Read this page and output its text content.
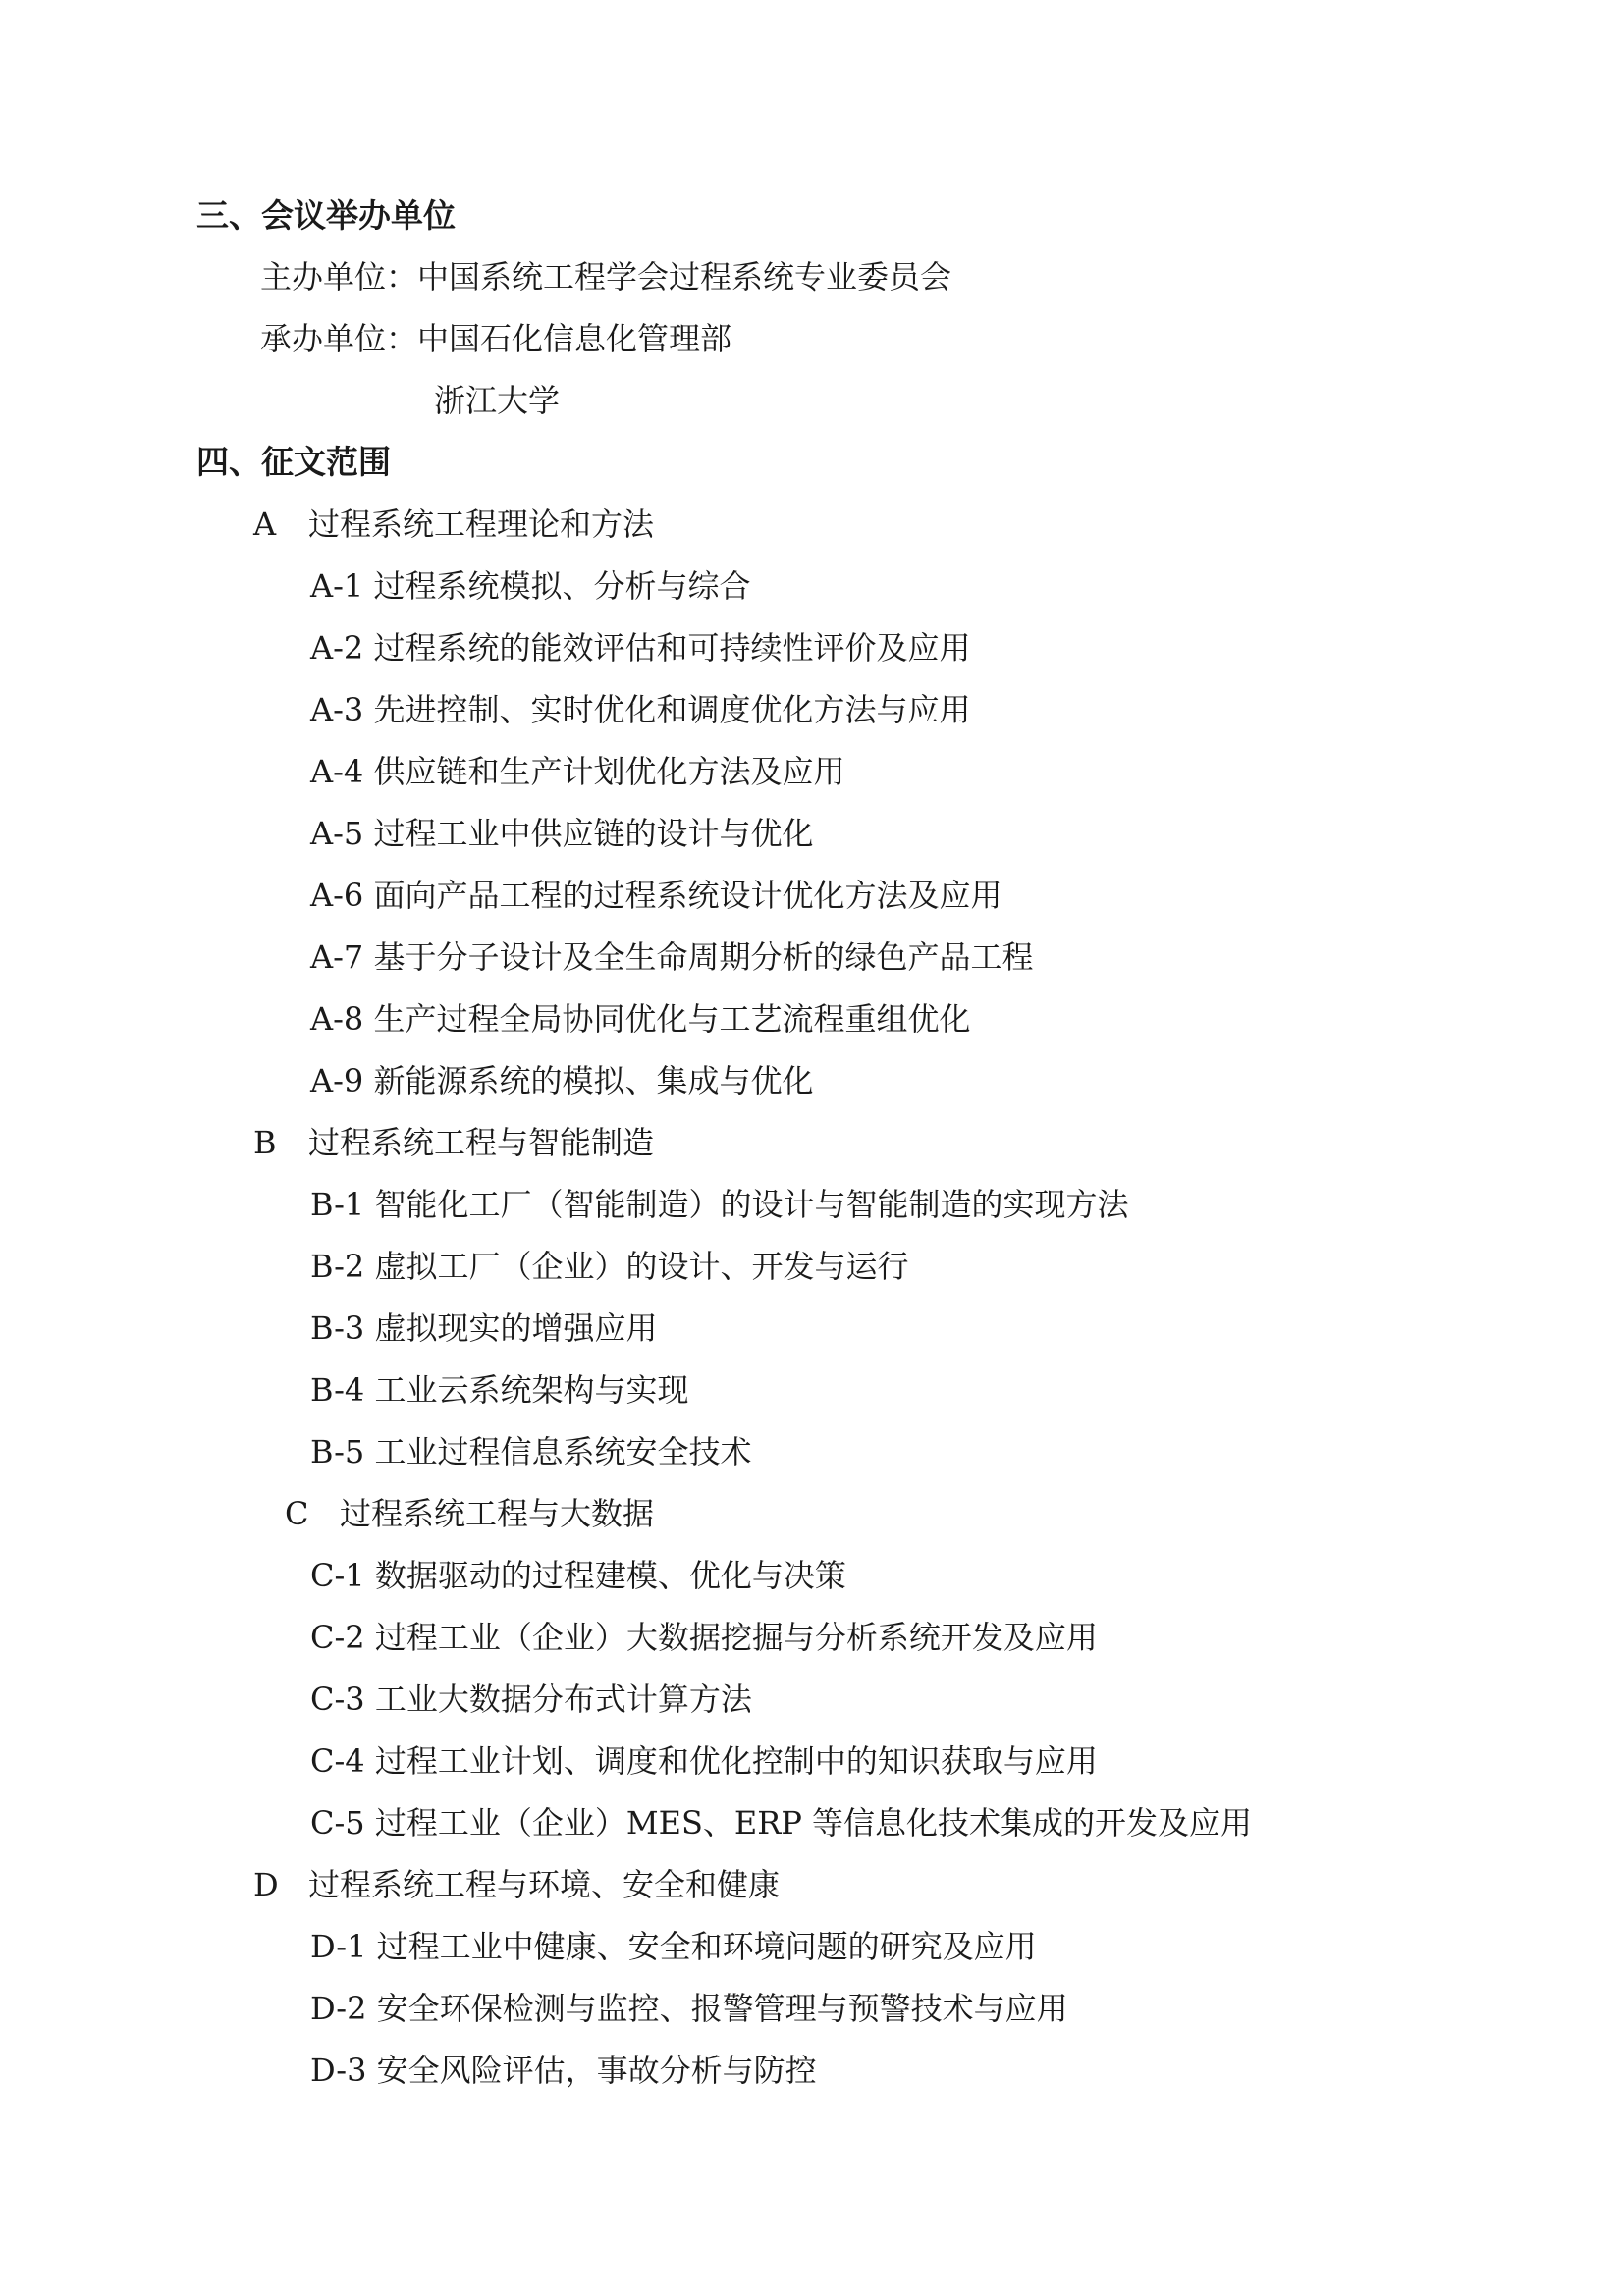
三、会议举办单位
主办单位：中国系统工程学会过程系统专业委员会
承办单位：中国石化信息化管理部
浙江大学
四、征文范围
A 过程系统工程理论和方法
A-1 过程系统模拟、分析与综合
A-2 过程系统的能效评估和可持续性评价及应用
A-3 先进控制、实时优化和调度优化方法与应用
A-4 供应链和生产计划优化方法及应用
A-5 过程工业中供应链的设计与优化
A-6 面向产品工程的过程系统设计优化方法及应用
A-7 基于分子设计及全生命周期分析的绿色产品工程
A-8 生产过程全局协同优化与工艺流程重组优化
A-9 新能源系统的模拟、集成与优化
B 过程系统工程与智能制造
B-1 智能化工厂（智能制造）的设计与智能制造的实现方法
B-2 虚拟工厂（企业）的设计、开发与运行
B-3 虚拟现实的增强应用
B-4 工业云系统架构与实现
B-5 工业过程信息系统安全技术
C 过程系统工程与大数据
C-1 数据驱动的过程建模、优化与决策
C-2 过程工业（企业）大数据挖掘与分析系统开发及应用
C-3 工业大数据分布式计算方法
C-4 过程工业计划、调度和优化控制中的知识获取与应用
C-5 过程工业（企业）MES、ERP 等信息化技术集成的开发及应用
D 过程系统工程与环境、安全和健康
D-1 过程工业中健康、安全和环境问题的研究及应用
D-2 安全环保检测与监控、报警管理与预警技术与应用
D-3 安全风险评估，事故分析与防控
